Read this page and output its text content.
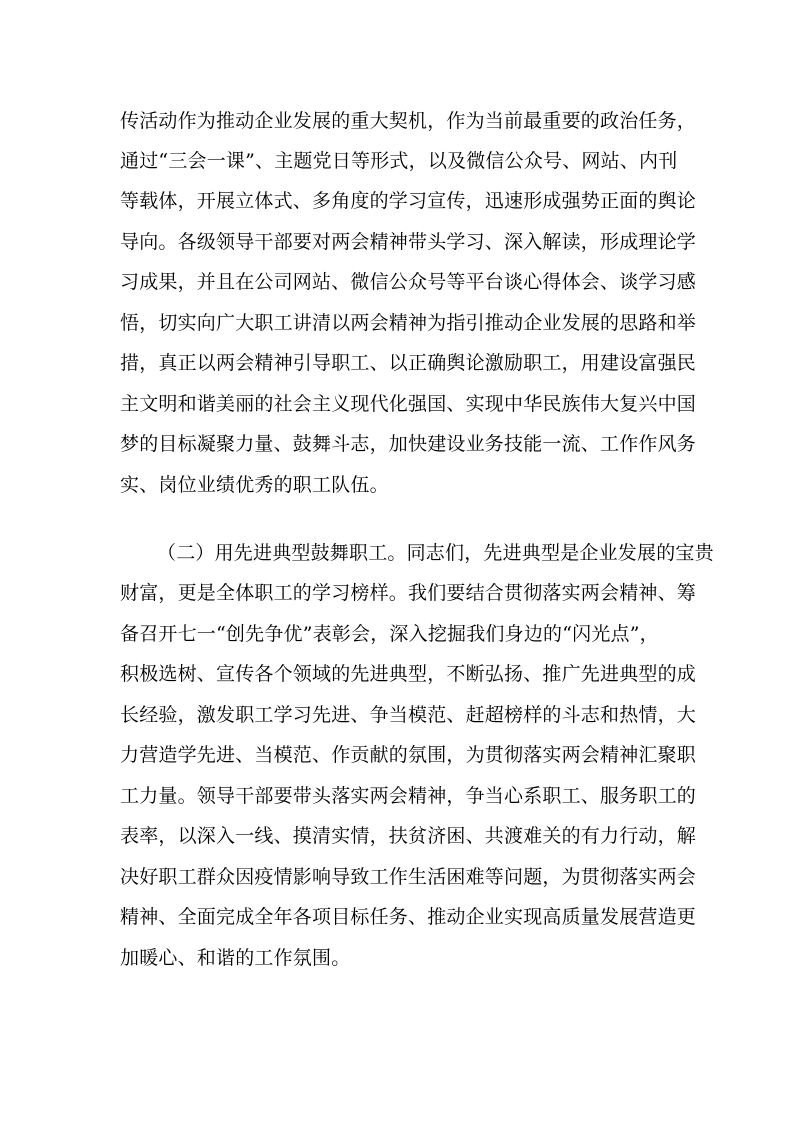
传活动作为推动企业发展的重大契机，作为当前最重要的政治任务，
通过“三会一课”、主题党日等形式，以及微信公众号、网站、内刊
等载体，开展立体式、多角度的学习宣传，迅速形成强势正面的舆论
导向。各级领导干部要对两会精神带头学习、深入解读，形成理论学
习成果，并且在公司网站、微信公众号等平台谈心得体会、谈学习感
悟，切实向广大职工讲清以两会精神为指引推动企业发展的思路和举
措，真正以两会精神引导职工、以正确舆论激励职工，用建设富强民
主文明和谐美丽的社会主义现代化强国、实现中华民族伟大复兴中国
梦的目标凝聚力量、鼓舞斗志，加快建设业务技能一流、工作作风务
实、岗位业绩优秀的职工队伍。
（二）用先进典型鼓舞职工。同志们，先进典型是企业发展的宝贵
财富，更是全体职工的学习榜样。我们要结合贯彻落实两会精神、筹
备召开七一“创先争优”表彰会，深入挖掘我们身边的“闪光点”，
积极选树、宣传各个领域的先进典型，不断弘扬、推广先进典型的成
长经验，激发职工学习先进、争当模范、赶超榜样的斗志和热情，大
力营造学先进、当模范、作贡献的氛围，为贯彻落实两会精神汇聚职
工力量。领导干部要带头落实两会精神，争当心系职工、服务职工的
表率，以深入一线、摸清实情，扶贫济困、共渡难关的有力行动，解
决好职工群众因疫情影响导致工作生活困难等问题，为贯彻落实两会
精神、全面完成全年各项目标任务、推动企业实现高质量发展营造更
加暖心、和谐的工作氛围。
